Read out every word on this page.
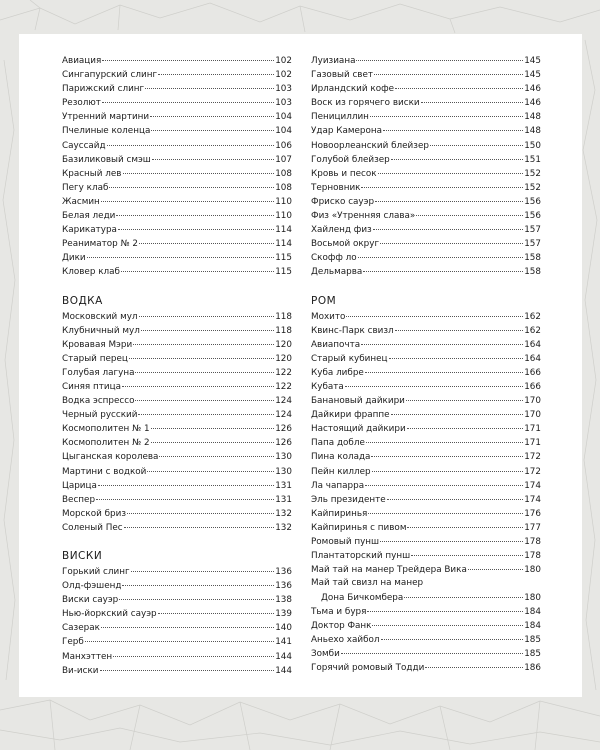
Авиация	102
Сингапурский слинг	102
Парижский слинг	103
Резолют	103
Утренний мартини	104
Пчелиные коленца	104
Сауссайд	106
Базиликовый смэш	107
Красный лев	108
Пегу клаб	108
Жасмин	110
Белая леди	110
Карикатура	114
Реаниматор № 2	114
Дики	115
Кловер клаб	115
ВОДКА
Московский мул	118
Клубничный мул	118
Кровавая Мэри	120
Старый перец	120
Голубая лагуна	122
Синяя птица	122
Водка эспрессо	124
Черный русский	124
Космополитен № 1	126
Космополитен № 2	126
Цыганская королева	130
Мартини с водкой	130
Царица	131
Веспер	131
Морской бриз	132
Соленый Пес	132
ВИСКИ
Горький слинг	136
Олд-фэшенд	136
Виски сауэр	138
Нью-йоркский сауэр	139
Сазерак	140
Герб	141
Манхэттен	144
Ви-иски	144
Луизиана	145
Газовый свет	145
Ирландский кофе	146
Воск из горячего виски	146
Пенициллин	148
Удар Камерона	148
Новоорлеанский блейзер	150
Голубой блейзер	151
Кровь и песок	152
Терновник	152
Фриско сауэр	156
Физ «Утренняя слава»	156
Хайленд физ	157
Восьмой округ	157
Скофф ло	158
Дельмарва	158
РОМ
Мохито	162
Квинс-Парк свизл	162
Авиапочта	164
Старый кубинец	164
Куба либре	166
Кубата	166
Банановый дайкири	170
Дайкири фраппе	170
Настоящий дайкири	171
Папа добле	171
Пина колада	172
Пейн киллер	172
Ла чапарра	174
Эль президенте	174
Кайпиринья	176
Кайпиринья с пивом	177
Ромовый пунш	178
Плантаторский пунш	178
Май тай на манер Трейдера Вика	180
Май тай свизл на манер
Дона Бичкомбера	180
Тьма и буря	184
Доктор Фанк	184
Аньехо хайбол	185
Зомби	185
Горячий ромовый Тодди	186
